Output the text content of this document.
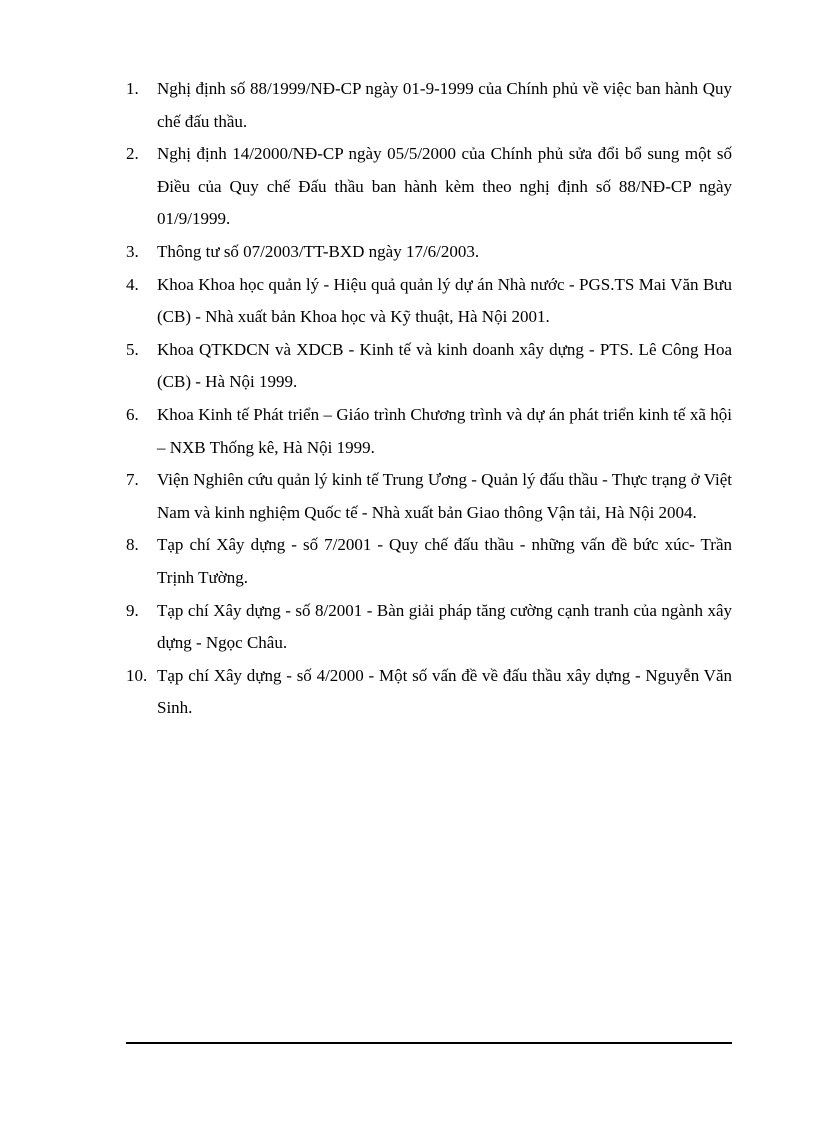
1. Nghị định số 88/1999/NĐ-CP ngày 01-9-1999 của Chính phủ về việc ban hành Quy chế đấu thầu.
2. Nghị định 14/2000/NĐ-CP ngày 05/5/2000 của Chính phủ sửa đổi bổ sung một số Điều của Quy chế Đấu thầu ban hành kèm theo nghị định số 88/NĐ-CP ngày 01/9/1999.
3. Thông tư số 07/2003/TT-BXD ngày 17/6/2003.
4. Khoa Khoa học quản lý - Hiệu quả quản lý dự án Nhà nước - PGS.TS Mai Văn Bưu (CB) - Nhà xuất bản Khoa học và Kỹ thuật, Hà Nội 2001.
5. Khoa QTKDCN và XDCB - Kinh tế và kinh doanh xây dựng - PTS. Lê Công Hoa (CB) - Hà Nội 1999.
6. Khoa Kinh tế Phát triển – Giáo trình Chương trình và dự án phát triển kinh tế xã hội – NXB Thống kê, Hà Nội 1999.
7. Viện Nghiên cứu quản lý kinh tế Trung Ương - Quản lý đấu thầu - Thực trạng ở Việt Nam và kinh nghiệm Quốc tế - Nhà xuất bản Giao thông Vận tải, Hà Nội 2004.
8. Tạp chí Xây dựng - số 7/2001 - Quy chế đấu thầu - những vấn đề bức xúc- Trần Trịnh Tường.
9. Tạp chí Xây dựng - số 8/2001 - Bàn giải pháp tăng cường cạnh tranh của ngành xây dựng - Ngọc Châu.
10. Tạp chí Xây dựng - số 4/2000 - Một số vấn đề về đấu thầu xây dựng - Nguyễn Văn Sinh.
